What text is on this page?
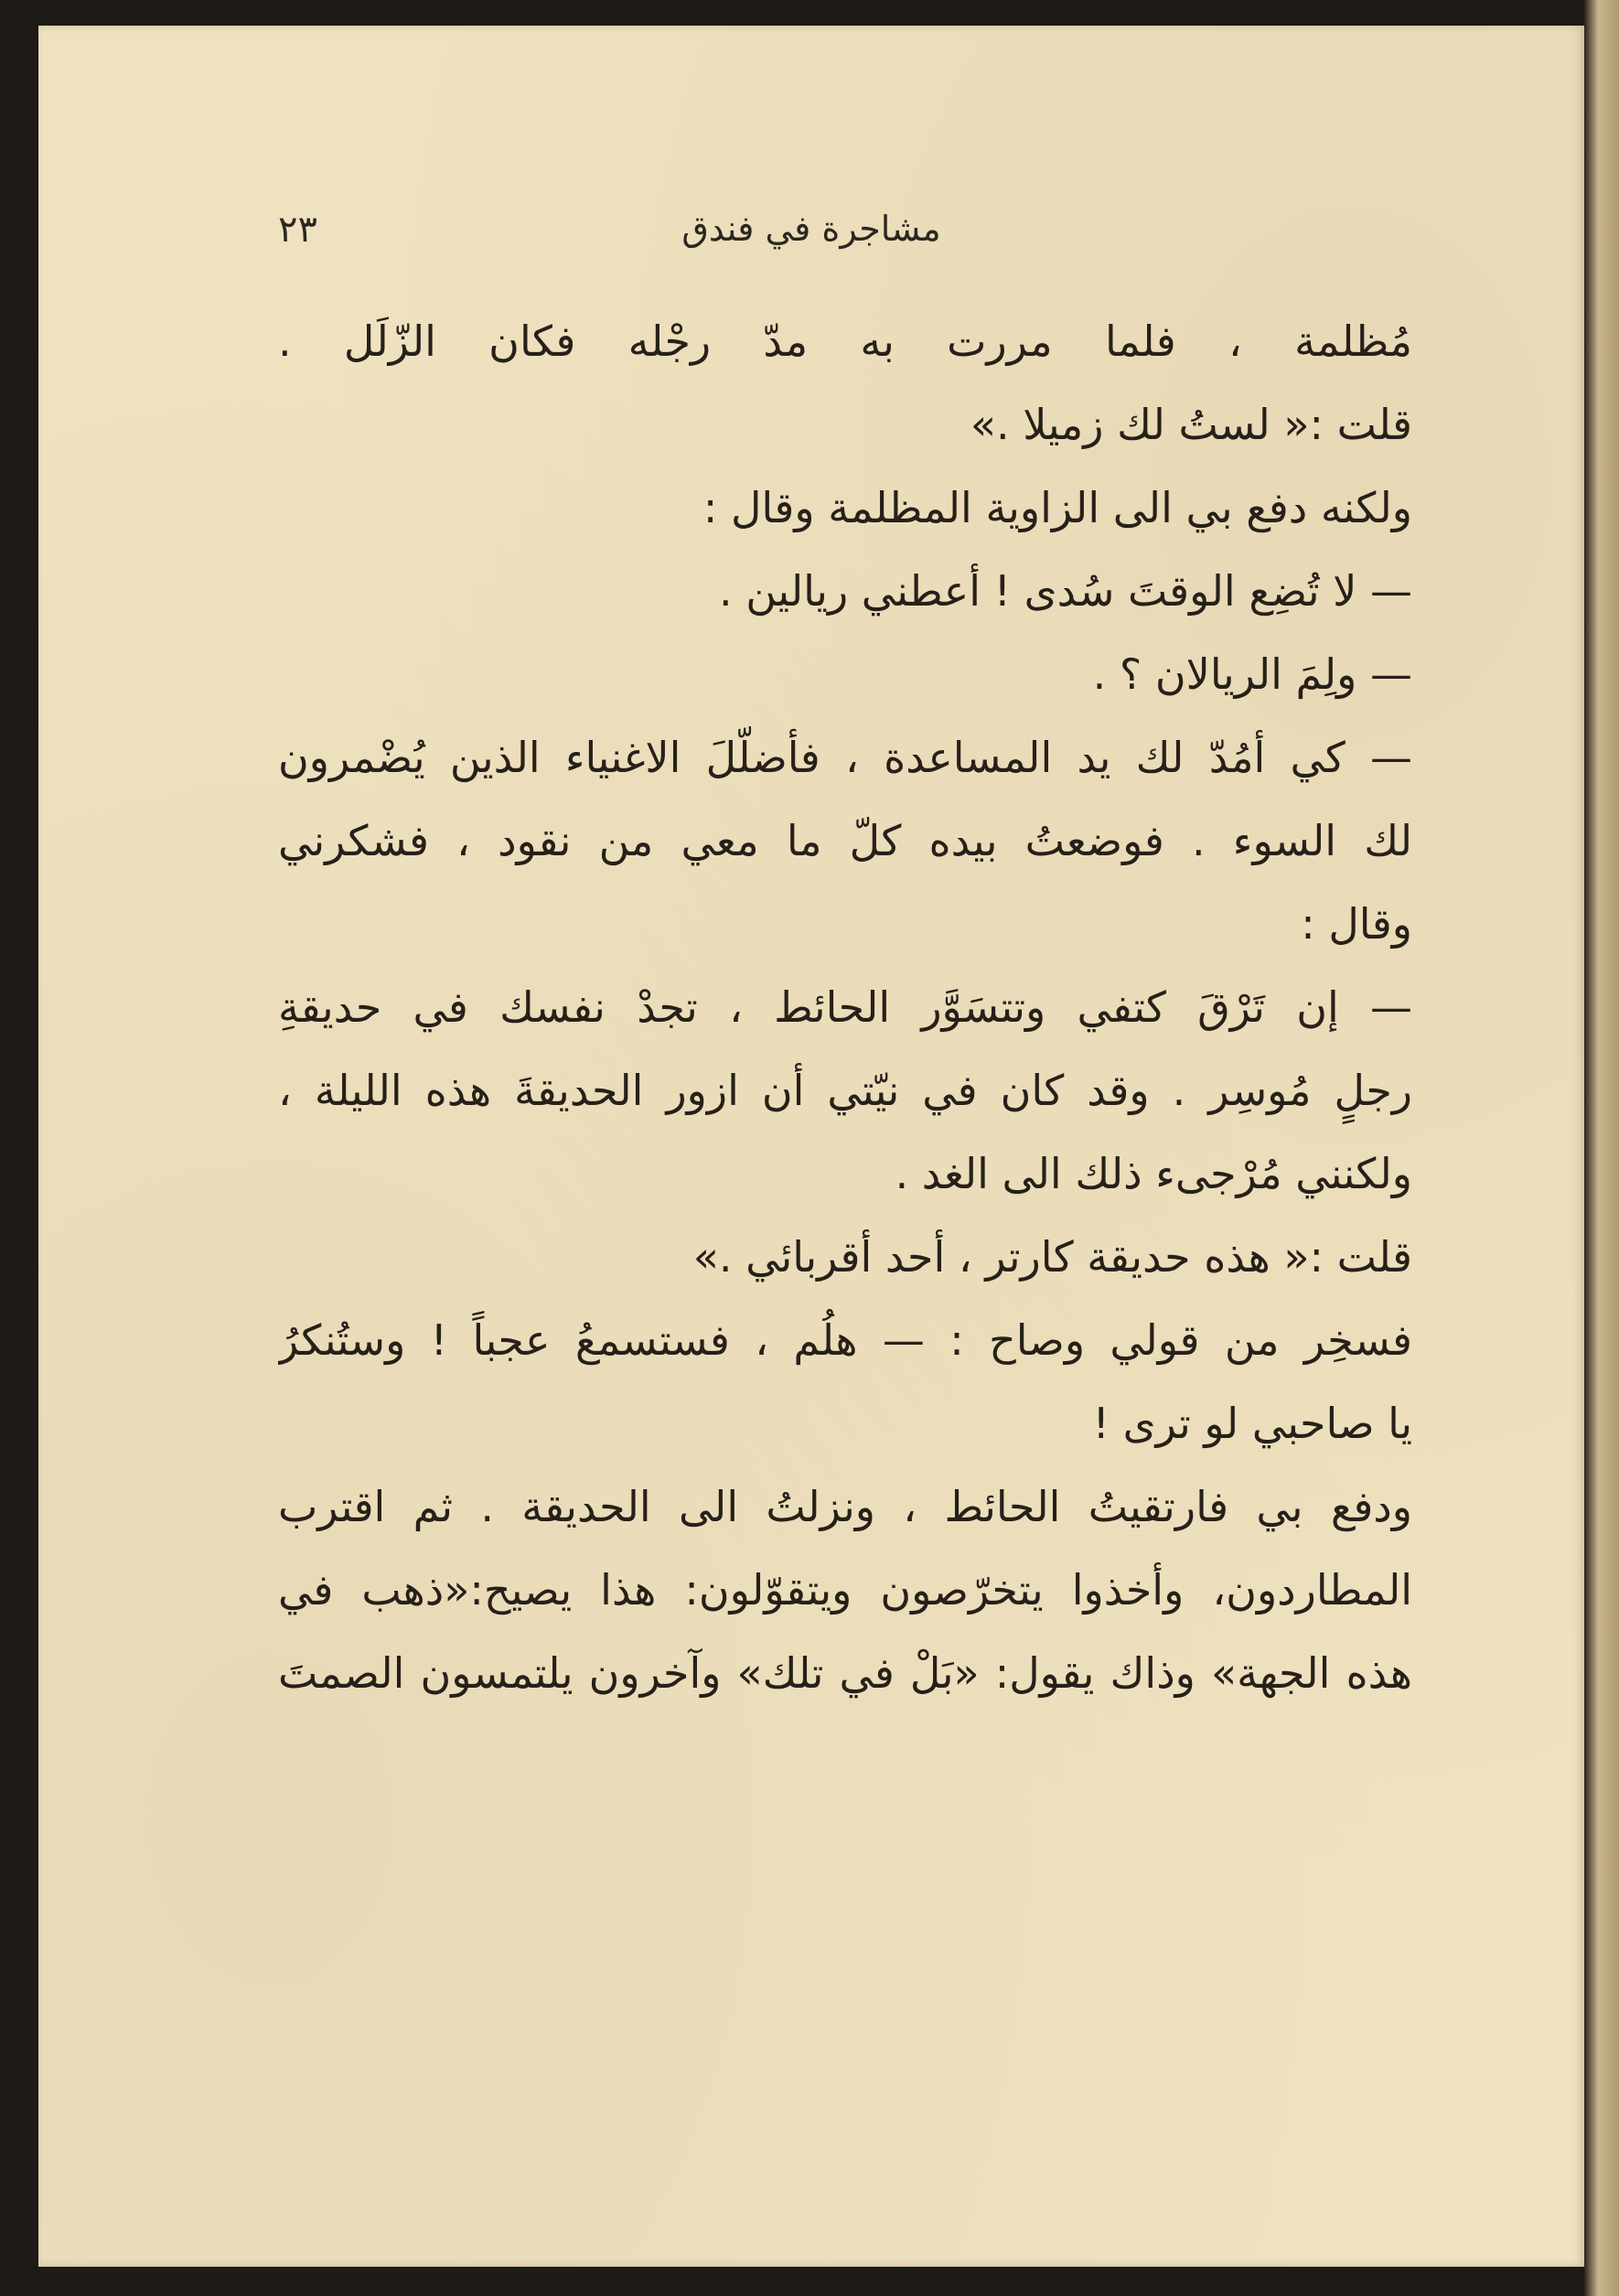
مشاجرة في فندق
٢٣
مُظلمة ، فلما مررت به مدّ رجْله فكان الزّلَل .
قلت :« لستُ لك زميلا .»
ولكنه دفع بي الى الزاوية المظلمة وقال :
— لا تُضِع الوقتَ سُدى ! أعطني ريالين .
— ولِمَ الريالان ؟ .
— كي أمُدّ لك يد المساعدة ، فأضلّلَ الاغنياء الذين يُضْمرون
لك السوء . فوضعتُ بيده كلّ ما معي من نقود ، فشكرني
وقال :
— إن تَرْقَ كتفي وتتسَوَّر الحائط ، تجدْ نفسك في حديقةِ
رجلٍ مُوسِر . وقد كان في نيّتي أن ازور الحديقةَ هذه الليلة ،
ولكنني مُرْجىء ذلك الى الغد .
قلت :« هذه حديقة كارتر ، أحد أقربائي .»
فسخِر من قولي وصاح : — هلُم ، فستسمعُ عجباً ! وستُنكرُ
يا صاحبي لو ترى !
ودفع بي فارتقيتُ الحائط ، ونزلتُ الى الحديقة . ثم اقترب
المطاردون، وأخذوا يتخرّصون ويتقوّلون: هذا يصيح:«ذهب في
هذه الجهة» وذاك يقول: «بَلْ في تلك» وآخرون يلتمسون الصمتَ
